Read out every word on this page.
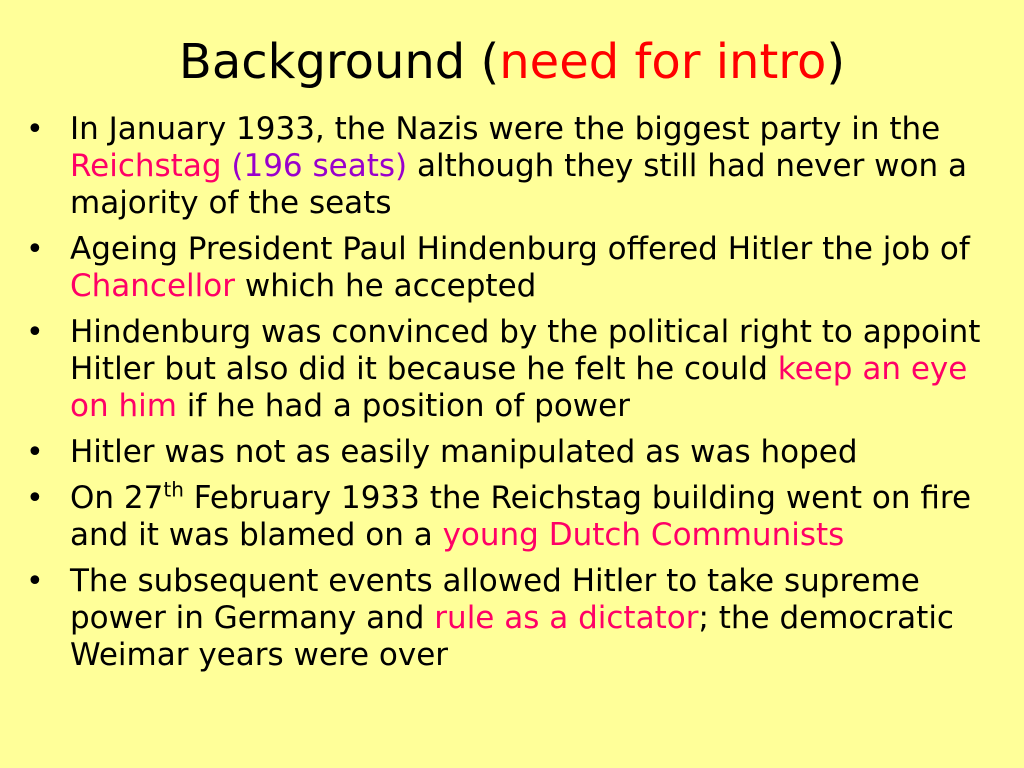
Background (need for intro)
• In January 1933, the Nazis were the biggest party in the Reichstag (196 seats) although they still had never won a majority of the seats
• Ageing President Paul Hindenburg offered Hitler the job of Chancellor which he accepted
• Hindenburg was convinced by the political right to appoint Hitler but also did it because he felt he could keep an eye on him if he had a position of power
• Hitler was not as easily manipulated as was hoped
• On 27th February 1933 the Reichstag building went on fire and it was blamed on a young Dutch Communists
• The subsequent events allowed Hitler to take supreme power in Germany and rule as a dictator; the democratic Weimar years were over
